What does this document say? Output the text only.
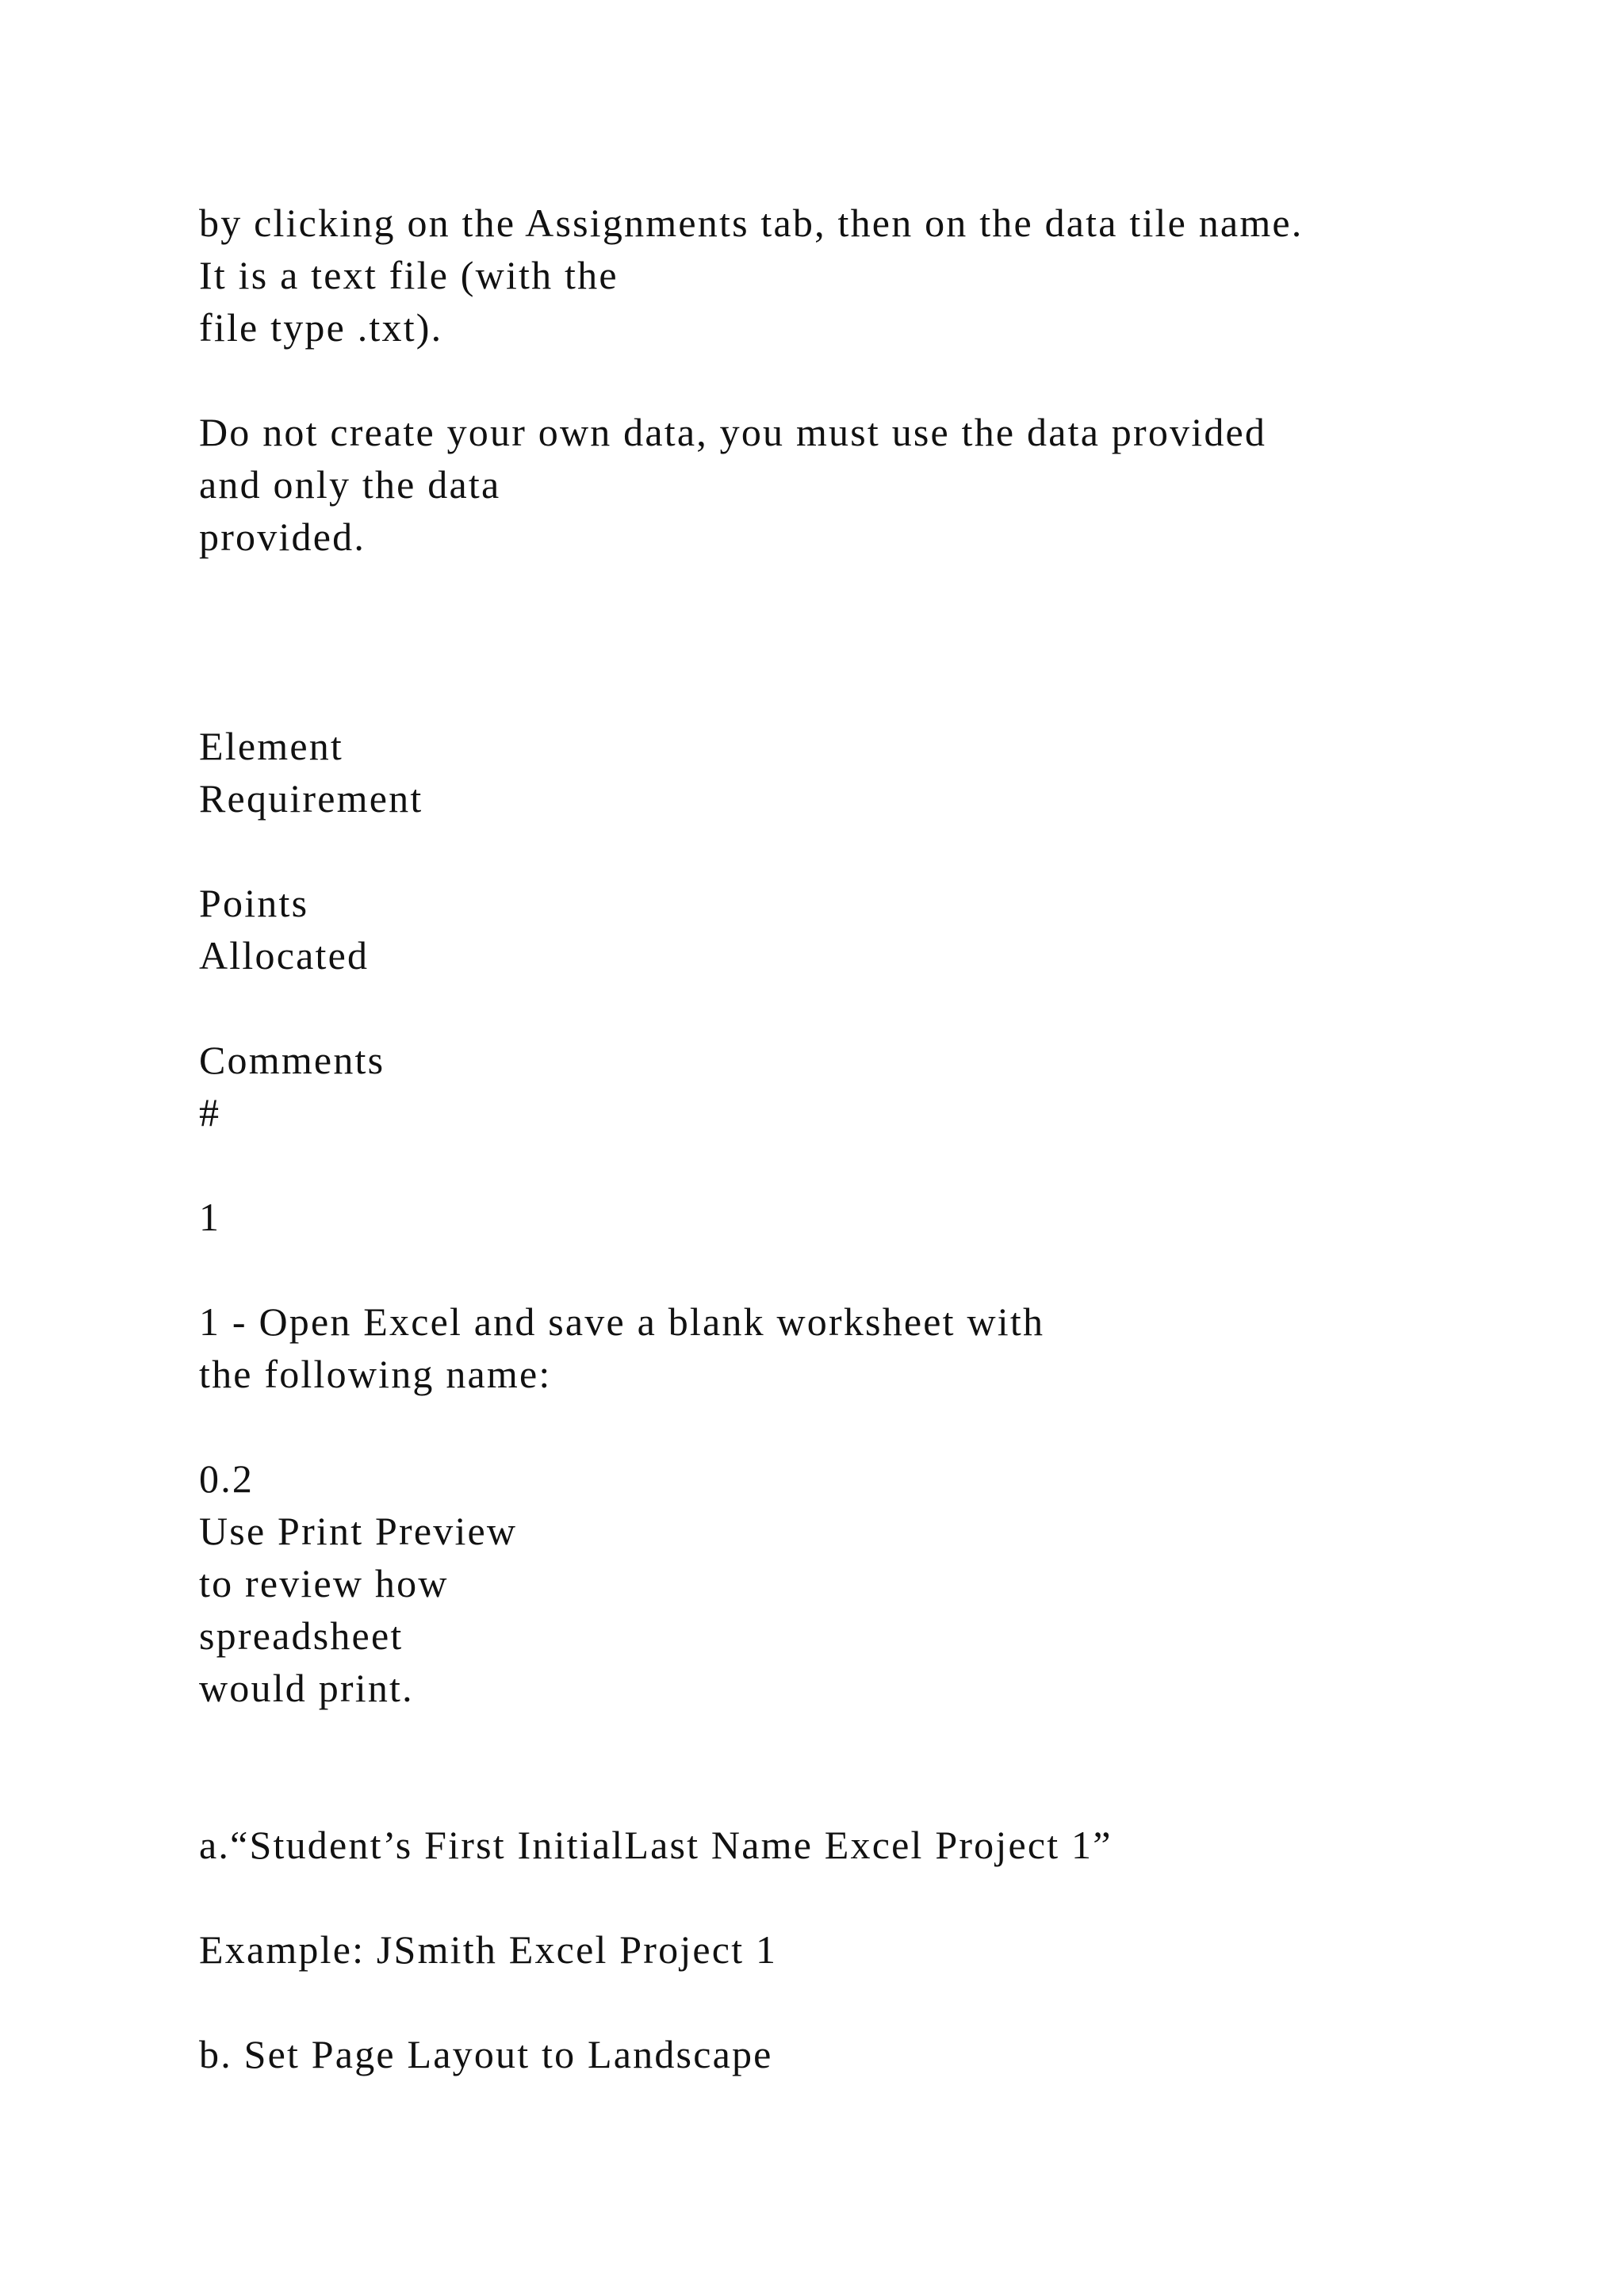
by clicking on the Assignments tab, then on the data tile name.
It is a text file (with the
file type .txt).
Do not create your own data, you must use the data provided
and only the data
provided.
Element
Requirement
Points
Allocated
Comments
#
1
1 - Open Excel and save a blank worksheet with
the following name:
0.2
Use Print Preview
to review how
spreadsheet
would print.
a.“Student’s First InitialLast Name Excel Project 1”
Example: JSmith Excel Project 1
b. Set Page Layout to Landscape
